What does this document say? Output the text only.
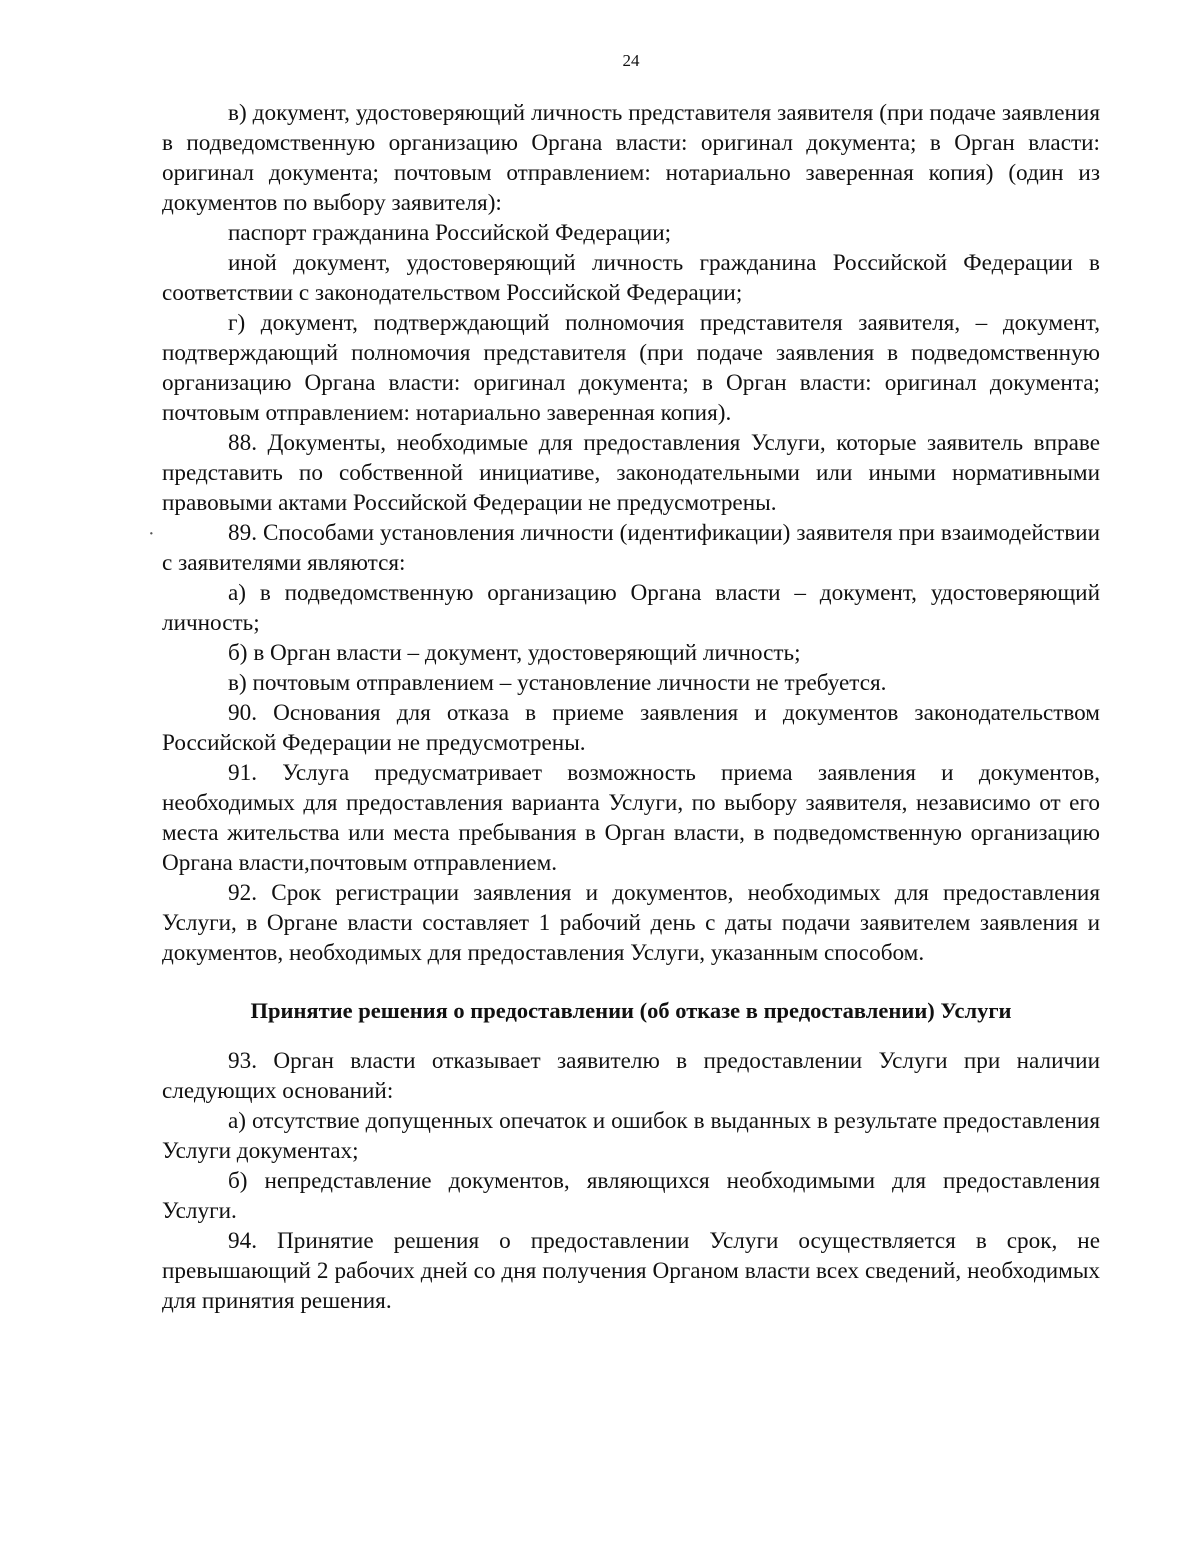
24
·

в) документ, удостоверяющий личность представителя заявителя (при подаче заявления в подведомственную организацию Органа власти: оригинал документа; в Орган власти: оригинал документа; почтовым отправлением: нотариально заверенная копия) (один из документов по выбору заявителя):

паспорт гражданина Российской Федерации;

иной документ, удостоверяющий личность гражданина Российской Федерации в соответствии с законодательством Российской Федерации;

г) документ, подтверждающий полномочия представителя заявителя, – документ, подтверждающий полномочия представителя (при подаче заявления в подведомственную организацию Органа власти: оригинал документа; в Орган власти: оригинал документа; почтовым отправлением: нотариально заверенная копия).

88. Документы, необходимые для предоставления Услуги, которые заявитель вправе представить по собственной инициативе, законодательными или иными нормативными правовыми актами Российской Федерации не предусмотрены.

89. Способами установления личности (идентификации) заявителя при взаимодействии с заявителями являются:

а) в подведомственную организацию Органа власти – документ, удостоверяющий личность;

б) в Орган власти – документ, удостоверяющий личность;

в) почтовым отправлением – установление личности не требуется.

90. Основания для отказа в приеме заявления и документов законодательством Российской Федерации не предусмотрены.

91. Услуга предусматривает возможность приема заявления и документов, необходимых для предоставления варианта Услуги, по выбору заявителя, независимо от его места жительства или места пребывания в Орган власти, в подведомственную организацию Органа власти,почтовым отправлением.

92. Срок регистрации заявления и документов, необходимых для предоставления Услуги, в Органе власти составляет 1 рабочий день с даты подачи заявителем заявления и документов, необходимых для предоставления Услуги, указанным способом.

Принятие решения о предоставлении (об отказе в предоставлении) Услуги

93. Орган власти отказывает заявителю в предоставлении Услуги при наличии следующих оснований:

а) отсутствие допущенных опечаток и ошибок в выданных в результате предоставления Услуги документах;

б) непредставление документов, являющихся необходимыми для предоставления Услуги.

94. Принятие решения о предоставлении Услуги осуществляется в срок, не превышающий 2 рабочих дней со дня получения Органом власти всех сведений, необходимых для принятия решения.
